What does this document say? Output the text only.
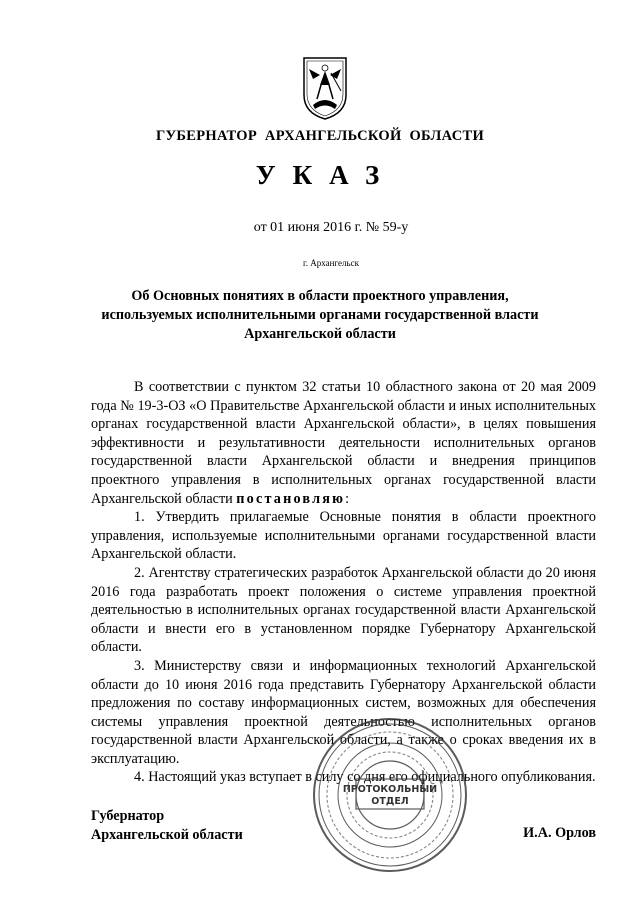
ГУБЕРНАТОР АРХАНГЕЛЬСКОЙ ОБЛАСТИ
УКАЗ
от 01 июня 2016 г. № 59-у
г. Архангельск
Об Основных понятиях в области проектного управления,
используемых исполнительными органами государственной власти
Архангельской области

В соответствии с пунктом 32 статьи 10 областного закона от 20 мая 2009 года № 19-3-ОЗ «О Правительстве Архангельской области и иных исполнительных органах государственной власти Архангельской области», в целях повышения эффективности и результативности деятельности исполнительных органов государственной власти Архангельской области и внедрения принципов проектного управления в исполнительных органах государственной власти Архангельской области постановляю:

1. Утвердить прилагаемые Основные понятия в области проектного управления, используемые исполнительными органами государственной власти Архангельской области.

2. Агентству стратегических разработок Архангельской области до 20 июня 2016 года разработать проект положения о системе управления проектной деятельностью в исполнительных органах государственной власти Архангельской области и внести его в установленном порядке Губернатору Архангельской области.

3. Министерству связи и информационных технологий Архангельской области до 10 июня 2016 года представить Губернатору Архангельской области предложения по составу информационных систем, возможных для обеспечения системы управления проектной деятельностью исполнительных органов государственной власти Архангельской области, а также о сроках введения их в эксплуатацию.

4. Настоящий указ вступает в силу со дня его официального опубликования.

Губернатор
Архангельской области	И.А. Орлов
ПРОТОКОЛЬНЫЙ
ОТДЕЛ
